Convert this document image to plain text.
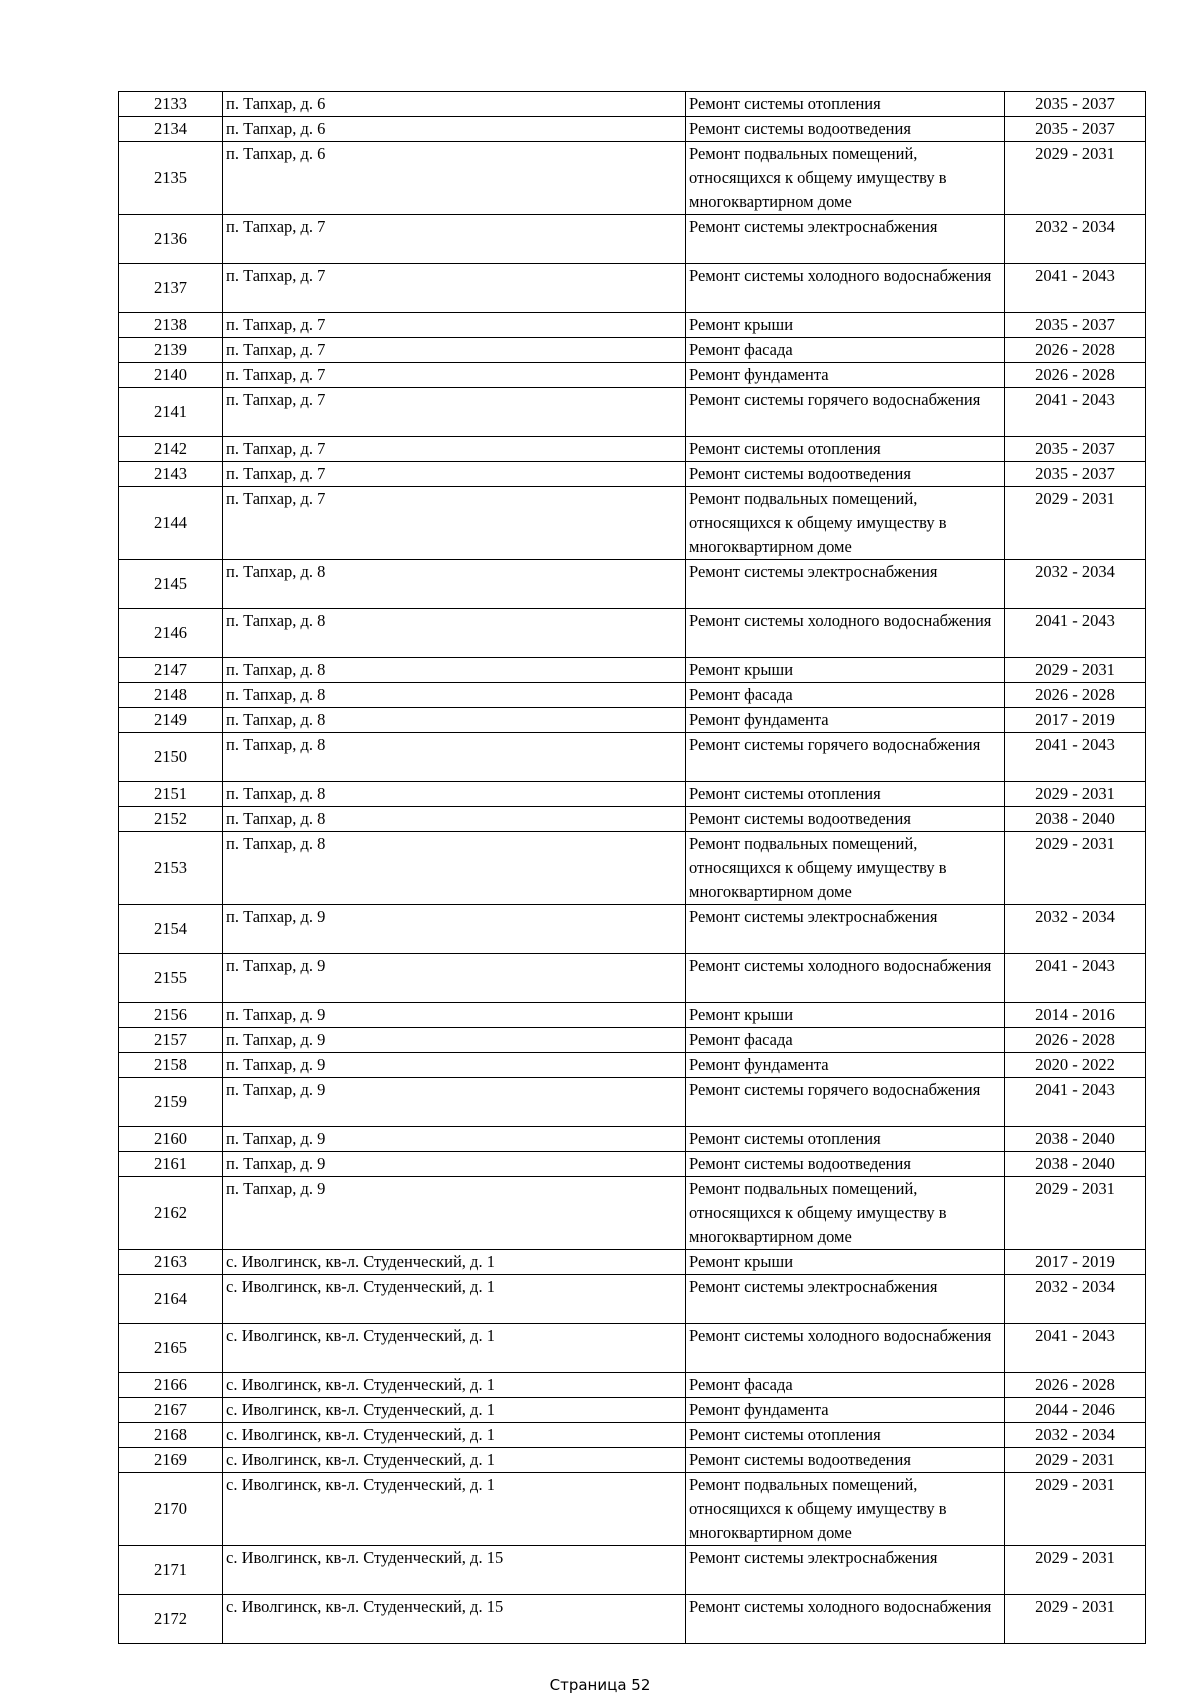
2133	п. Тапхар, д. 6	Ремонт системы отопления	2035 - 2037
2134	п. Тапхар, д. 6	Ремонт системы водоотведения	2035 - 2037
2135	п. Тапхар, д. 6	Ремонт подвальных помещений, относящихся к общему имуществу в многоквартирном доме	2029 - 2031
2136	п. Тапхар, д. 7	Ремонт системы электроснабжения	2032 - 2034
2137	п. Тапхар, д. 7	Ремонт системы холодного водоснабжения	2041 - 2043
2138	п. Тапхар, д. 7	Ремонт крыши	2035 - 2037
2139	п. Тапхар, д. 7	Ремонт фасада	2026 - 2028
2140	п. Тапхар, д. 7	Ремонт фундамента	2026 - 2028
2141	п. Тапхар, д. 7	Ремонт системы горячего водоснабжения	2041 - 2043
2142	п. Тапхар, д. 7	Ремонт системы отопления	2035 - 2037
2143	п. Тапхар, д. 7	Ремонт системы водоотведения	2035 - 2037
2144	п. Тапхар, д. 7	Ремонт подвальных помещений, относящихся к общему имуществу в многоквартирном доме	2029 - 2031
2145	п. Тапхар, д. 8	Ремонт системы электроснабжения	2032 - 2034
2146	п. Тапхар, д. 8	Ремонт системы холодного водоснабжения	2041 - 2043
2147	п. Тапхар, д. 8	Ремонт крыши	2029 - 2031
2148	п. Тапхар, д. 8	Ремонт фасада	2026 - 2028
2149	п. Тапхар, д. 8	Ремонт фундамента	2017 - 2019
2150	п. Тапхар, д. 8	Ремонт системы горячего водоснабжения	2041 - 2043
2151	п. Тапхар, д. 8	Ремонт системы отопления	2029 - 2031
2152	п. Тапхар, д. 8	Ремонт системы водоотведения	2038 - 2040
2153	п. Тапхар, д. 8	Ремонт подвальных помещений, относящихся к общему имуществу в многоквартирном доме	2029 - 2031
2154	п. Тапхар, д. 9	Ремонт системы электроснабжения	2032 - 2034
2155	п. Тапхар, д. 9	Ремонт системы холодного водоснабжения	2041 - 2043
2156	п. Тапхар, д. 9	Ремонт крыши	2014 - 2016
2157	п. Тапхар, д. 9	Ремонт фасада	2026 - 2028
2158	п. Тапхар, д. 9	Ремонт фундамента	2020 - 2022
2159	п. Тапхар, д. 9	Ремонт системы горячего водоснабжения	2041 - 2043
2160	п. Тапхар, д. 9	Ремонт системы отопления	2038 - 2040
2161	п. Тапхар, д. 9	Ремонт системы водоотведения	2038 - 2040
2162	п. Тапхар, д. 9	Ремонт подвальных помещений, относящихся к общему имуществу в многоквартирном доме	2029 - 2031
2163	с. Иволгинск, кв-л. Студенческий, д. 1	Ремонт крыши	2017 - 2019
2164	с. Иволгинск, кв-л. Студенческий, д. 1	Ремонт системы электроснабжения	2032 - 2034
2165	с. Иволгинск, кв-л. Студенческий, д. 1	Ремонт системы холодного водоснабжения	2041 - 2043
2166	с. Иволгинск, кв-л. Студенческий, д. 1	Ремонт фасада	2026 - 2028
2167	с. Иволгинск, кв-л. Студенческий, д. 1	Ремонт фундамента	2044 - 2046
2168	с. Иволгинск, кв-л. Студенческий, д. 1	Ремонт системы отопления	2032 - 2034
2169	с. Иволгинск, кв-л. Студенческий, д. 1	Ремонт системы водоотведения	2029 - 2031
2170	с. Иволгинск, кв-л. Студенческий, д. 1	Ремонт подвальных помещений, относящихся к общему имуществу в многоквартирном доме	2029 - 2031
2171	с. Иволгинск, кв-л. Студенческий, д. 15	Ремонт системы электроснабжения	2029 - 2031
2172	с. Иволгинск, кв-л. Студенческий, д. 15	Ремонт системы холодного водоснабжения	2029 - 2031
Страница 52
